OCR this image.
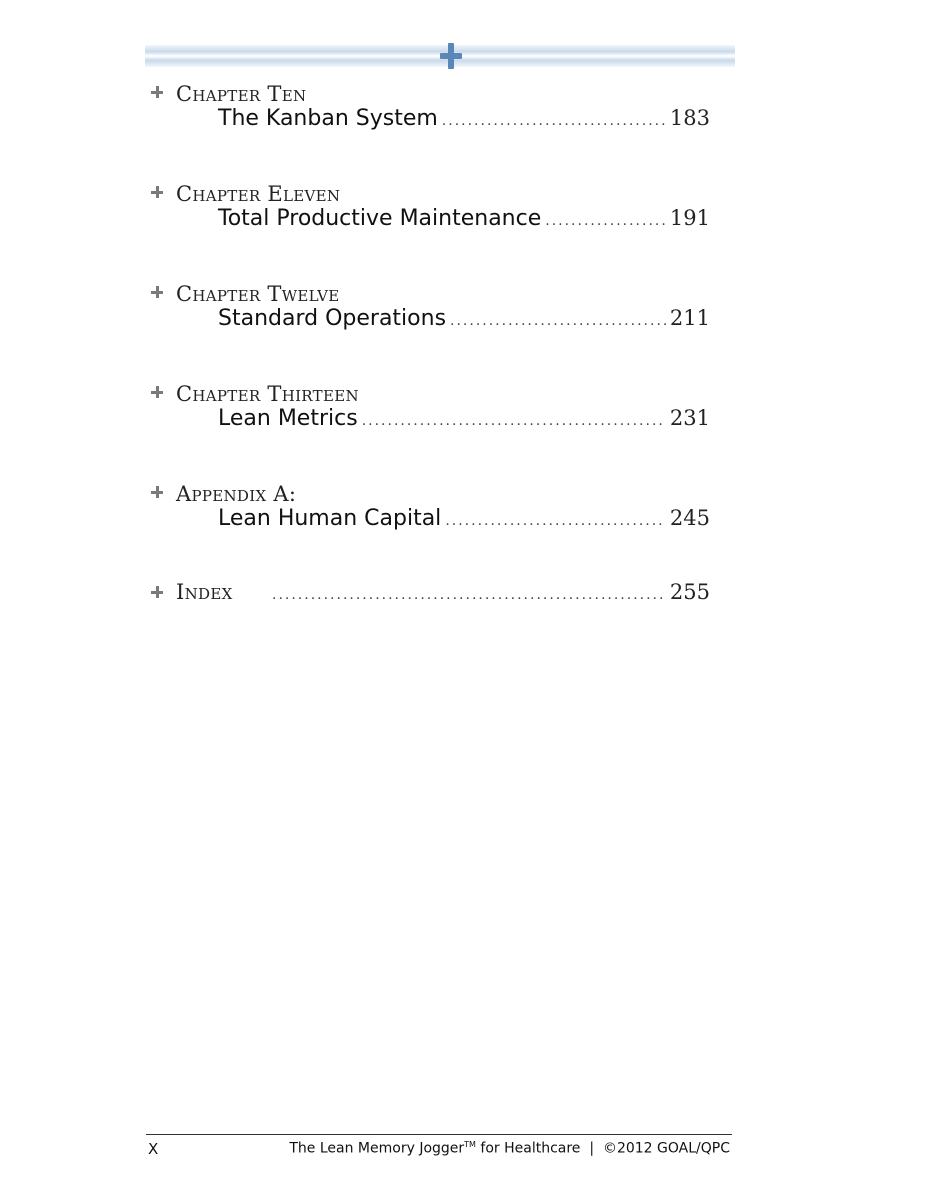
Chapter Ten
The Kanban System .....	183
Chapter Eleven
Total Productive Maintenance .....	191
Chapter Twelve
Standard Operations .....	211
Chapter Thirteen
Lean Metrics .....	231
Appendix A:
Lean Human Capital .....	245
Index .....	255
X	The Lean Memory Jogger™ for Healthcare | ©2012 GOAL/QPC
